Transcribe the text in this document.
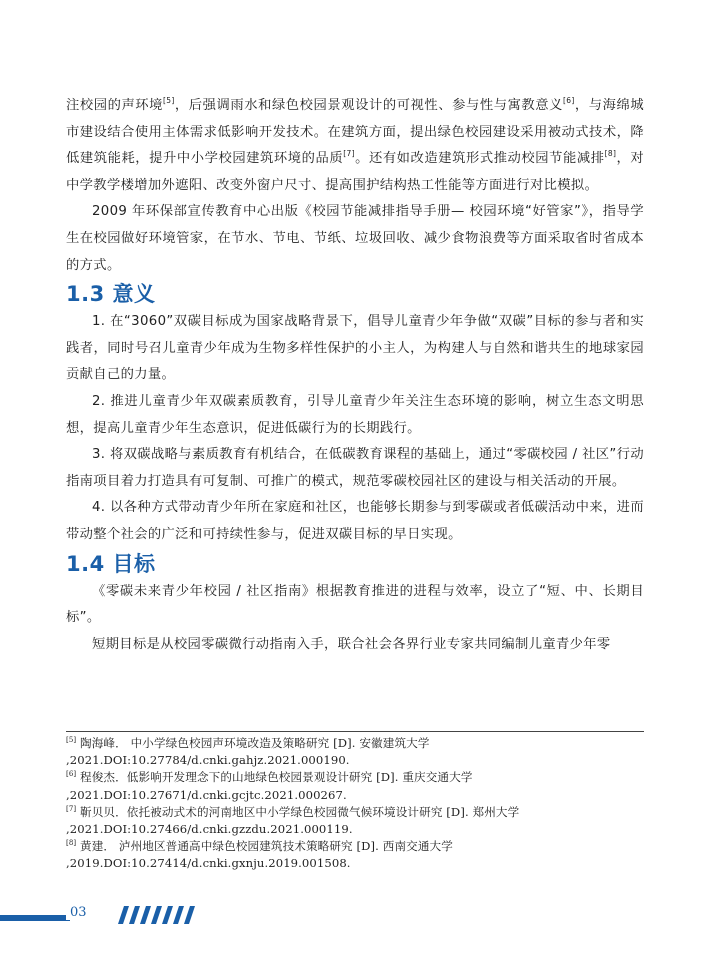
注校园的声环境[5]，后强调雨水和绿色校园景观设计的可视性、参与性与寓教意义[6]，与海绵城市建设结合使用主体需求低影响开发技术。在建筑方面，提出绿色校园建设采用被动式技术，降低建筑能耗，提升中小学校园建筑环境的品质[7]。还有如改造建筑形式推动校园节能减排[8]，对中学教学楼增加外遮阳、改变外窗户尺寸、提高围护结构热工性能等方面进行对比模拟。

2009 年环保部宣传教育中心出版《校园节能减排指导手册— 校园环境“好管家”》，指导学生在校园做好环境管家，在节水、节电、节纸、垃圾回收、减少食物浪费等方面采取省时省成本的方式。

1.3 意义

1. 在“3060”双碳目标成为国家战略背景下，倡导儿童青少年争做“双碳”目标的参与者和实践者，同时号召儿童青少年成为生物多样性保护的小主人，为构建人与自然和谐共生的地球家园贡献自己的力量。

2. 推进儿童青少年双碳素质教育，引导儿童青少年关注生态环境的影响，树立生态文明思想，提高儿童青少年生态意识，促进低碳行为的长期践行。

3. 将双碳战略与素质教育有机结合，在低碳教育课程的基础上，通过“零碳校园 / 社区”行动指南项目着力打造具有可复制、可推广的模式，规范零碳校园社区的建设与相关活动的开展。

4. 以各种方式带动青少年所在家庭和社区，也能够长期参与到零碳或者低碳活动中来，进而带动整个社会的广泛和可持续性参与，促进双碳目标的早日实现。

1.4 目标

《零碳未来青少年校园 / 社区指南》根据教育推进的进程与效率，设立了“短、中、长期目标”。

短期目标是从校园零碳微行动指南入手，联合社会各界行业专家共同编制儿童青少年零

[5] 陶海峰． 中小学绿色校园声环境改造及策略研究 [D]. 安徽建筑大学 ,2021.DOI:10.27784/d.cnki.gahjz.2021.000190.

[6] 程俊杰．低影响开发理念下的山地绿色校园景观设计研究 [D]. 重庆交通大学 ,2021.DOI:10.27671/d.cnki.gcjtc.2021.000267.

[7] 靳贝贝．依托被动式术的河南地区中小学绿色校园微气候环境设计研究 [D]. 郑州大学 ,2021.DOI:10.27466/d.cnki.gzzdu.2021.000119.

[8] 黄建． 泸州地区普通高中绿色校园建筑技术策略研究 [D]. 西南交通大学 ,2019.DOI:10.27414/d.cnki.gxnju.2019.001508.

03
